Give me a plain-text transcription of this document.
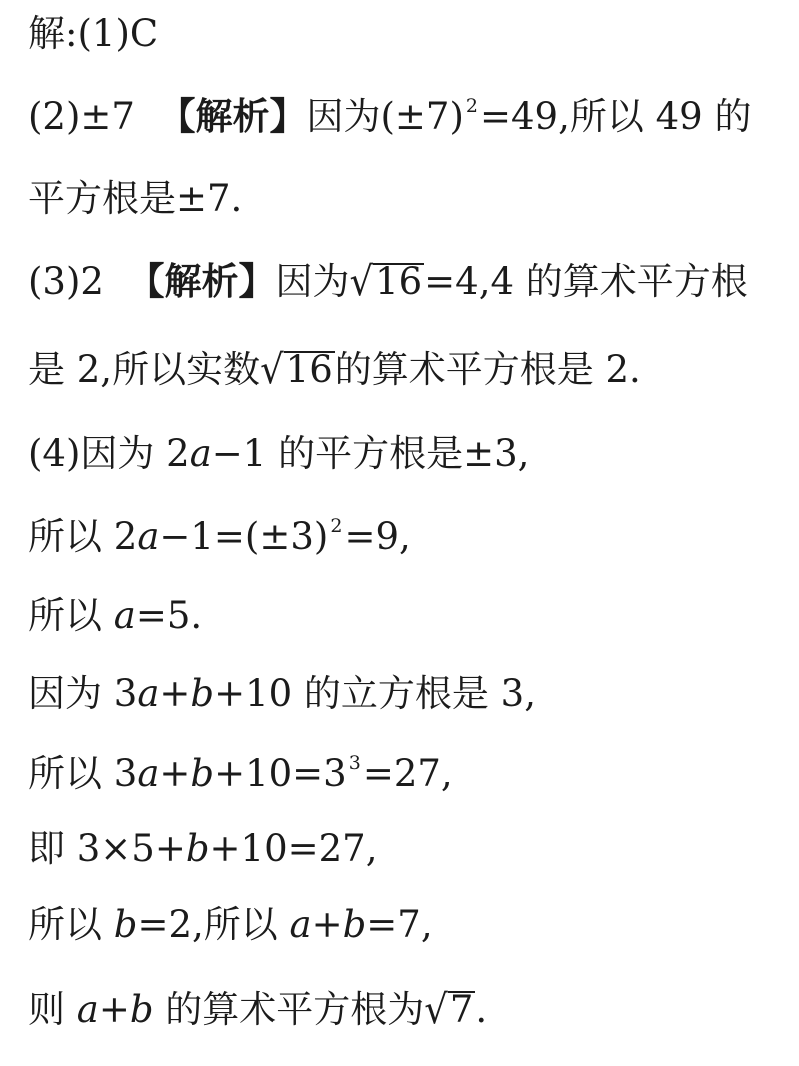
解:(1)C
(2)±7 【解析】因为(±7) $^2$=49,所以 49 的
平方根是±7.
(3)2 【解析】因为√16=4,4 的算术平方根
是 2,所以实数√16的算术平方根是 2.
(4)因为 2a−1 的平方根是±3,
所以 2a−1=(±3) $^2$=9,
所以 a=5.
因为 3a+b+10 的立方根是 3,
所以 3a+b+10=3 $^3$=27,
即 3×5+b+10=27,
所以 b=2,所以 a+b=7,
则 a+b 的算术平方根为√7.
